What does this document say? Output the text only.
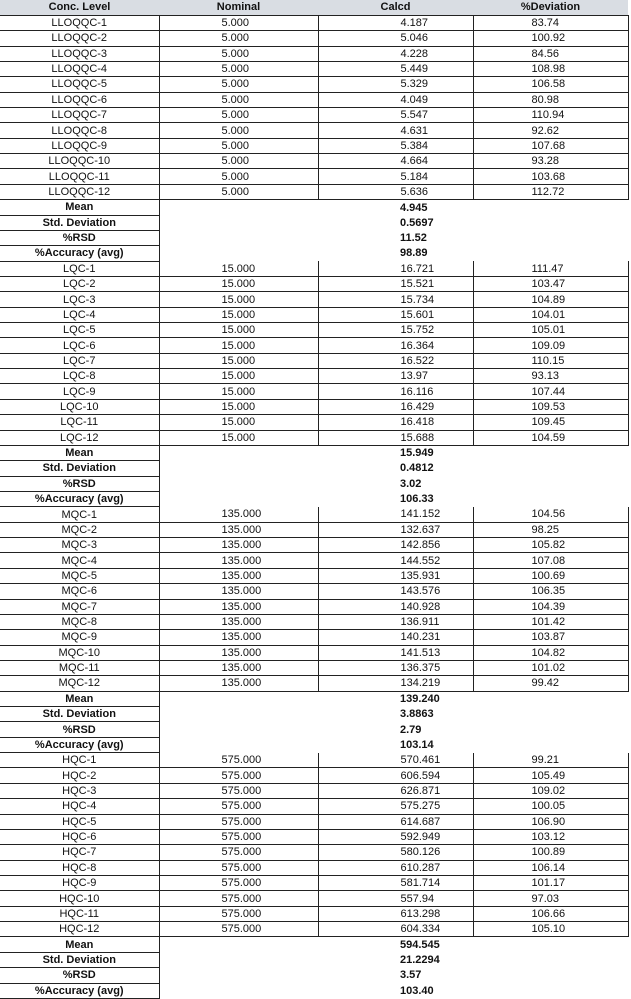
Conc. Level	Nominal	Calcd	%Deviation
LLOQQC-1	5.000	4.187	83.74
LLOQQC-2	5.000	5.046	100.92
LLOQQC-3	5.000	4.228	84.56
LLOQQC-4	5.000	5.449	108.98
LLOQQC-5	5.000	5.329	106.58
LLOQQC-6	5.000	4.049	80.98
LLOQQC-7	5.000	5.547	110.94
LLOQQC-8	5.000	4.631	92.62
LLOQQC-9	5.000	5.384	107.68
LLOQQC-10	5.000	4.664	93.28
LLOQQC-11	5.000	5.184	103.68
LLOQQC-12	5.000	5.636	112.72
Mean		4.945	
Std. Deviation		0.5697	
%RSD		11.52	
%Accuracy (avg)		98.89	
LQC-1	15.000	16.721	111.47
LQC-2	15.000	15.521	103.47
LQC-3	15.000	15.734	104.89
LQC-4	15.000	15.601	104.01
LQC-5	15.000	15.752	105.01
LQC-6	15.000	16.364	109.09
LQC-7	15.000	16.522	110.15
LQC-8	15.000	13.97	93.13
LQC-9	15.000	16.116	107.44
LQC-10	15.000	16.429	109.53
LQC-11	15.000	16.418	109.45
LQC-12	15.000	15.688	104.59
Mean		15.949	
Std. Deviation		0.4812	
%RSD		3.02	
%Accuracy (avg)		106.33	
MQC-1	135.000	141.152	104.56
MQC-2	135.000	132.637	98.25
MQC-3	135.000	142.856	105.82
MQC-4	135.000	144.552	107.08
MQC-5	135.000	135.931	100.69
MQC-6	135.000	143.576	106.35
MQC-7	135.000	140.928	104.39
MQC-8	135.000	136.911	101.42
MQC-9	135.000	140.231	103.87
MQC-10	135.000	141.513	104.82
MQC-11	135.000	136.375	101.02
MQC-12	135.000	134.219	99.42
Mean		139.240	
Std. Deviation		3.8863	
%RSD		2.79	
%Accuracy (avg)		103.14	
HQC-1	575.000	570.461	99.21
HQC-2	575.000	606.594	105.49
HQC-3	575.000	626.871	109.02
HQC-4	575.000	575.275	100.05
HQC-5	575.000	614.687	106.90
HQC-6	575.000	592.949	103.12
HQC-7	575.000	580.126	100.89
HQC-8	575.000	610.287	106.14
HQC-9	575.000	581.714	101.17
HQC-10	575.000	557.94	97.03
HQC-11	575.000	613.298	106.66
HQC-12	575.000	604.334	105.10
Mean		594.545	
Std. Deviation		21.2294	
%RSD		3.57	
%Accuracy (avg)		103.40	
